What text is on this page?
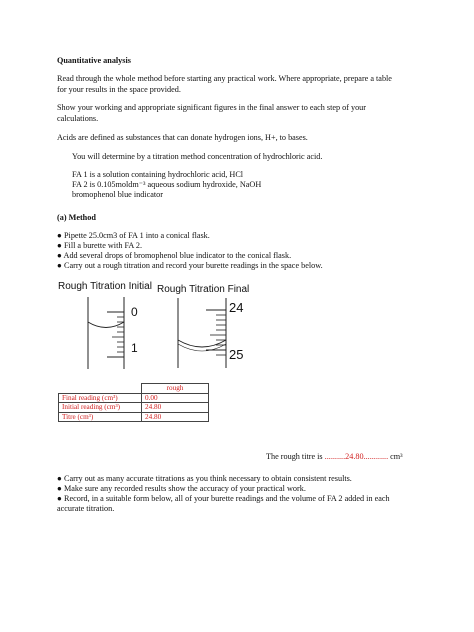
Quantitative analysis
Read through the whole method before starting any practical work. Where appropriate, prepare a table
for your results in the space provided.
Show your working and appropriate significant figures in the final answer to each step of your
calculations.
Acids are defined as substances that can donate hydrogen ions, H+, to bases.
You will determine by a titration method concentration of hydrochloric acid.
FA 1 is a solution containing hydrochloric acid, HCl
FA 2 is 0.105moldm⁻³ aqueous sodium hydroxide, NaOH
bromophenol blue indicator
(a) Method
● Pipette 25.0cm3 of FA 1 into a conical flask.
● Fill a burette with FA 2.
● Add several drops of bromophenol blue indicator to the conical flask.
● Carry out a rough titration and record your burette readings in the space below.
Rough Titration Initial Rough Titration Final
0
1
24
25
	rough
Final reading (cm³)	0.00
Initial reading (cm³)	24.80
Titre (cm³)	24.80
The rough titre is ..........24.80............ cm³
● Carry out as many accurate titrations as you think necessary to obtain consistent results.
● Make sure any recorded results show the accuracy of your practical work.
● Record, in a suitable form below, all of your burette readings and the volume of FA 2 added in each
accurate titration.
